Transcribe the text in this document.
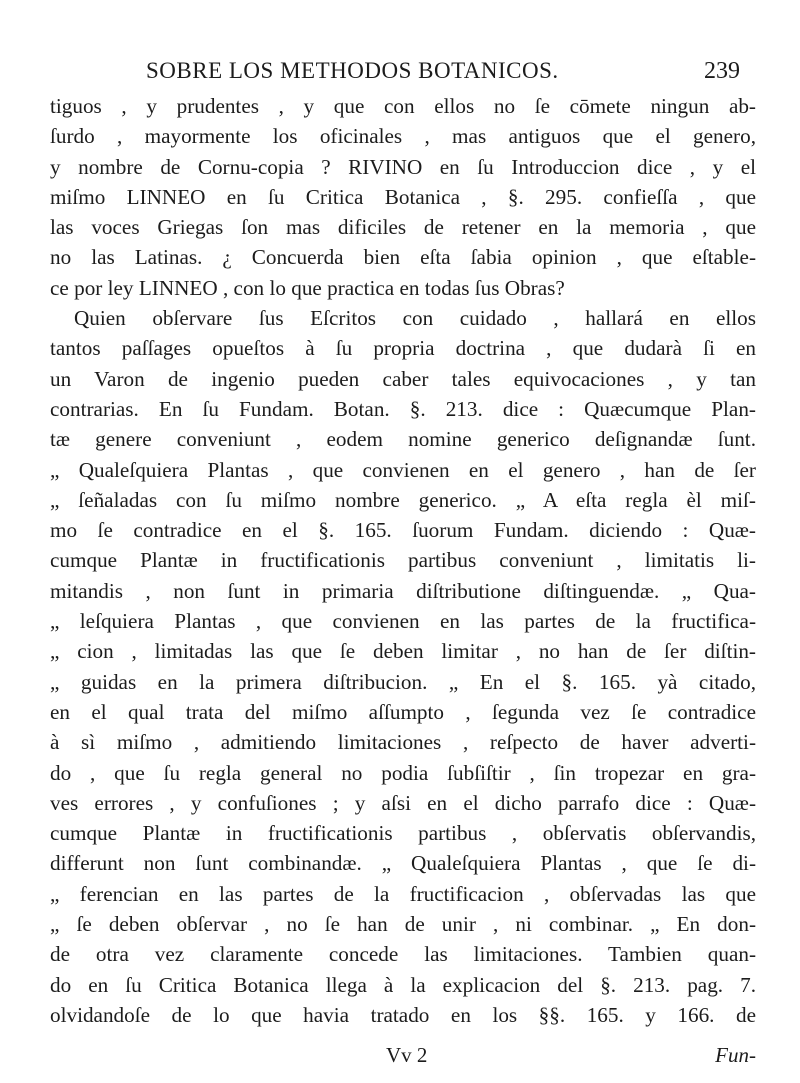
SOBRE LOS METHODOS BOTANICOS.	239
tiguos , y prudentes , y que con ellos no ſe cōmete ningun ab-
ſurdo , mayormente los oficinales , mas antiguos que el genero,
y nombre de Cornu-copia ? RIVINO en ſu Introduccion dice , y el
miſmo LINNEO en ſu Critica Botanica , §. 295. confieſſa , que
las voces Griegas ſon mas dificiles de retener en la memoria , que
no las Latinas. ¿ Concuerda bien eſta ſabia opinion , que eſtable-
ce por ley LINNEO , con lo que practica en todas ſus Obras?
Quien obſervare ſus Eſcritos con cuidado , hallará en ellos
tantos paſſages opueſtos à ſu propria doctrina , que dudarà ſi en
un Varon de ingenio pueden caber tales equivocaciones , y tan
contrarias. En ſu Fundam. Botan. §. 213. dice : Quæcumque Plan-
tæ genere conveniunt , eodem nomine generico deſignandæ ſunt.
„ Qualeſquiera Plantas , que convienen en el genero , han de ſer
„ ſeñaladas con ſu miſmo nombre generico. „ A eſta regla èl miſ-
mo ſe contradice en el §. 165. ſuorum Fundam. diciendo : Quæ-
cumque Plantæ in fructificationis partibus conveniunt , limitatis li-
mitandis , non ſunt in primaria diſtributione diſtinguendæ. „ Qua-
„ leſquiera Plantas , que convienen en las partes de la fructifica-
„ cion , limitadas las que ſe deben limitar , no han de ſer diſtin-
„ guidas en la primera diſtribucion. „ En el §. 165. yà citado,
en el qual trata del miſmo aſſumpto , ſegunda vez ſe contradice
à sì miſmo , admitiendo limitaciones , reſpecto de haver adverti-
do , que ſu regla general no podia ſubſiſtir , ſin tropezar en gra-
ves errores , y confuſiones ; y aſsi en el dicho parrafo dice : Quæ-
cumque Plantæ in fructificationis partibus , obſervatis obſervandis,
differunt non ſunt combinandæ. „ Qualeſquiera Plantas , que ſe di-
„ ferencian en las partes de la fructificacion , obſervadas las que
„ ſe deben obſervar , no ſe han de unir , ni combinar. „ En don-
de otra vez claramente concede las limitaciones. Tambien quan-
do en ſu Critica Botanica llega à la explicacion del §. 213. pag. 7.
olvidandoſe de lo que havia tratado en los §§. 165. y 166. de
Vv 2	Fun-
